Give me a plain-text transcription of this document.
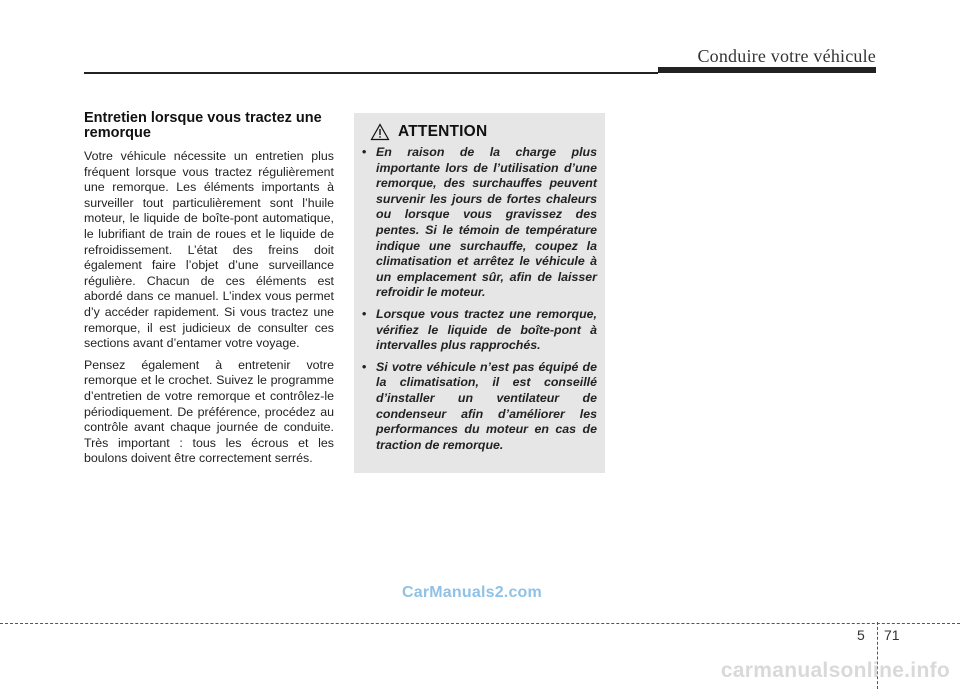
Conduire votre véhicule
Entretien lorsque vous tractez une remorque

Votre véhicule nécessite un entretien plus fréquent lorsque vous tractez régulièrement une remorque. Les éléments importants à surveiller tout particulièrement sont l’huile moteur, le liquide de boîte-pont automatique, le lubrifiant de train de roues et le liquide de refroidissement. L’état des freins doit également faire l’objet d’une surveillance régulière. Chacun de ces éléments est abordé dans ce manuel. L’index vous permet d’y accéder rapidement. Si vous tractez une remorque, il est judicieux de consulter ces sections avant d’entamer votre voyage.

Pensez également à entretenir votre remorque et le crochet. Suivez le programme d’entretien de votre remorque et contrôlez-le périodiquement. De préférence, procédez au contrôle avant chaque journée de conduite. Très important : tous les écrous et les boulons doivent être correctement serrés.

ATTENTION
• En raison de la charge plus importante lors de l’utilisation d’une remorque, des surchauffes peuvent survenir les jours de fortes chaleurs ou lorsque vous gravissez des pentes. Si le témoin de température indique une surchauffe, coupez la climatisation et arrêtez le véhicule à un emplacement sûr, afin de laisser refroidir le moteur.
• Lorsque vous tractez une remorque, vérifiez le liquide de boîte-pont à intervalles plus rapprochés.
• Si votre véhicule n’est pas équipé de la climatisation, il est conseillé d’installer un ventilateur de condenseur afin d’améliorer les performances du moteur en cas de traction de remorque.
CarManuals2.com
5 71
carmanualsonline.info
